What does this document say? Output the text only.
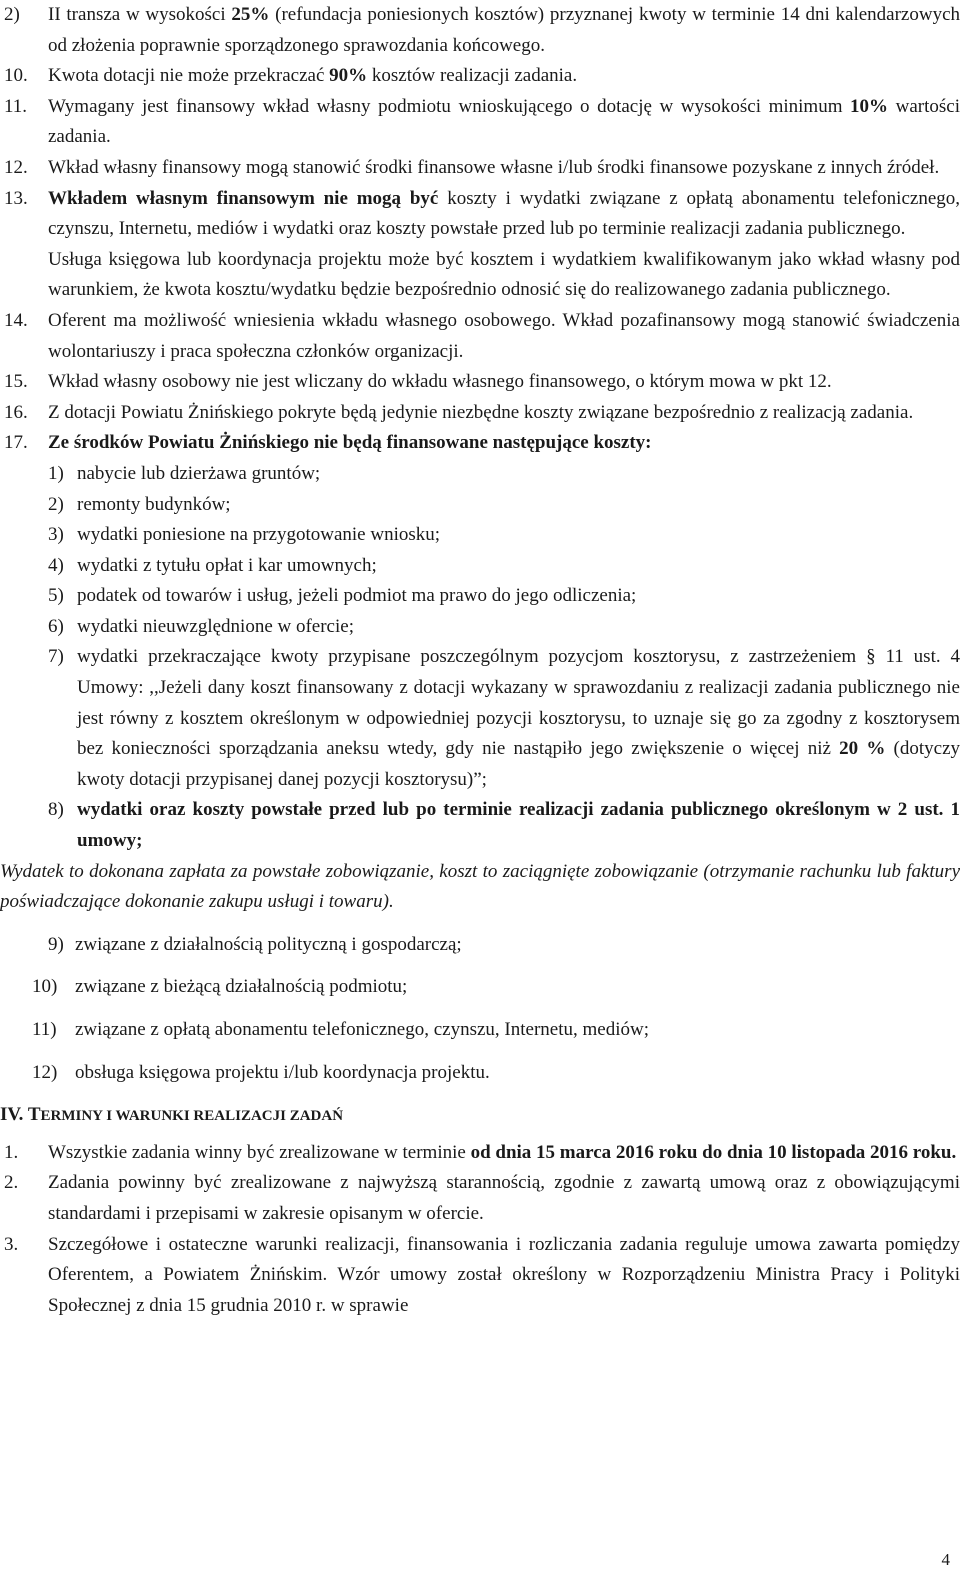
2) II transza w wysokości 25% (refundacja poniesionych kosztów) przyznanej kwoty w terminie 14 dni kalendarzowych od złożenia poprawnie sporządzonego sprawozdania końcowego.
10. Kwota dotacji nie może przekraczać 90% kosztów realizacji zadania.
11. Wymagany jest finansowy wkład własny podmiotu wnioskującego o dotację w wysokości minimum 10% wartości zadania.
12. Wkład własny finansowy mogą stanowić środki finansowe własne i/lub środki finansowe pozyskane z innych źródeł.
13. Wkładem własnym finansowym nie mogą być koszty i wydatki związane z opłatą abonamentu telefonicznego, czynszu, Internetu, mediów i wydatki oraz koszty powstałe przed lub po terminie realizacji zadania publicznego.
Usługa księgowa lub koordynacja projektu może być kosztem i wydatkiem kwalifikowanym jako wkład własny pod warunkiem, że kwota kosztu/wydatku będzie bezpośrednio odnosić się do realizowanego zadania publicznego.
14. Oferent ma możliwość wniesienia wkładu własnego osobowego. Wkład pozafinansowy mogą stanowić świadczenia wolontariuszy i praca społeczna członków organizacji.
15. Wkład własny osobowy nie jest wliczany do wkładu własnego finansowego, o którym mowa w pkt 12.
16. Z dotacji Powiatu Żnińskiego pokryte będą jedynie niezbędne koszty związane bezpośrednio z realizacją zadania.
17. Ze środków Powiatu Żnińskiego nie będą finansowane następujące koszty:
1) nabycie lub dzierżawa gruntów;
2) remonty budynków;
3) wydatki poniesione na przygotowanie wniosku;
4) wydatki z tytułu opłat i kar umownych;
5) podatek od towarów i usług, jeżeli podmiot ma prawo do jego odliczenia;
6) wydatki nieuwzględnione w ofercie;
7) wydatki przekraczające kwoty przypisane poszczególnym pozycjom kosztorysu, z zastrzeżeniem § 11 ust. 4 Umowy: ,,Jeżeli dany koszt finansowany z dotacji wykazany w sprawozdaniu z realizacji zadania publicznego nie jest równy z kosztem określonym w odpowiedniej pozycji kosztorysu, to uznaje się go za zgodny z kosztorysem bez konieczności sporządzania aneksu wtedy, gdy nie nastąpiło jego zwiększenie o więcej niż 20 % (dotyczy kwoty dotacji przypisanej danej pozycji kosztorysu)”;
8) wydatki oraz koszty powstałe przed lub po terminie realizacji zadania publicznego określonym w 2 ust. 1 umowy;
Wydatek to dokonana zapłata za powstałe zobowiązanie, koszt to zaciągnięte zobowiązanie (otrzymanie rachunku lub faktury poświadczające dokonanie zakupu usługi i towaru).
9) związane z działalnością polityczną i gospodarczą;
10) związane z bieżącą działalnością podmiotu;
11) związane z opłatą abonamentu telefonicznego, czynszu, Internetu, mediów;
12) obsługa księgowa projektu i/lub koordynacja projektu.
IV. TERMINY I WARUNKI REALIZACJI ZADAŃ
1. Wszystkie zadania winny być zrealizowane w terminie od dnia 15 marca 2016 roku do dnia 10 listopada 2016 roku.
2. Zadania powinny być zrealizowane z najwyższą starannością, zgodnie z zawartą umową oraz z obowiązującymi standardami i przepisami w zakresie opisanym w ofercie.
3. Szczegółowe i ostateczne warunki realizacji, finansowania i rozliczania zadania reguluje umowa zawarta pomiędzy Oferentem, a Powiatem Żnińskim. Wzór umowy został określony w Rozporządzeniu Ministra Pracy i Polityki Społecznej z dnia 15 grudnia 2010 r. w sprawie
4
